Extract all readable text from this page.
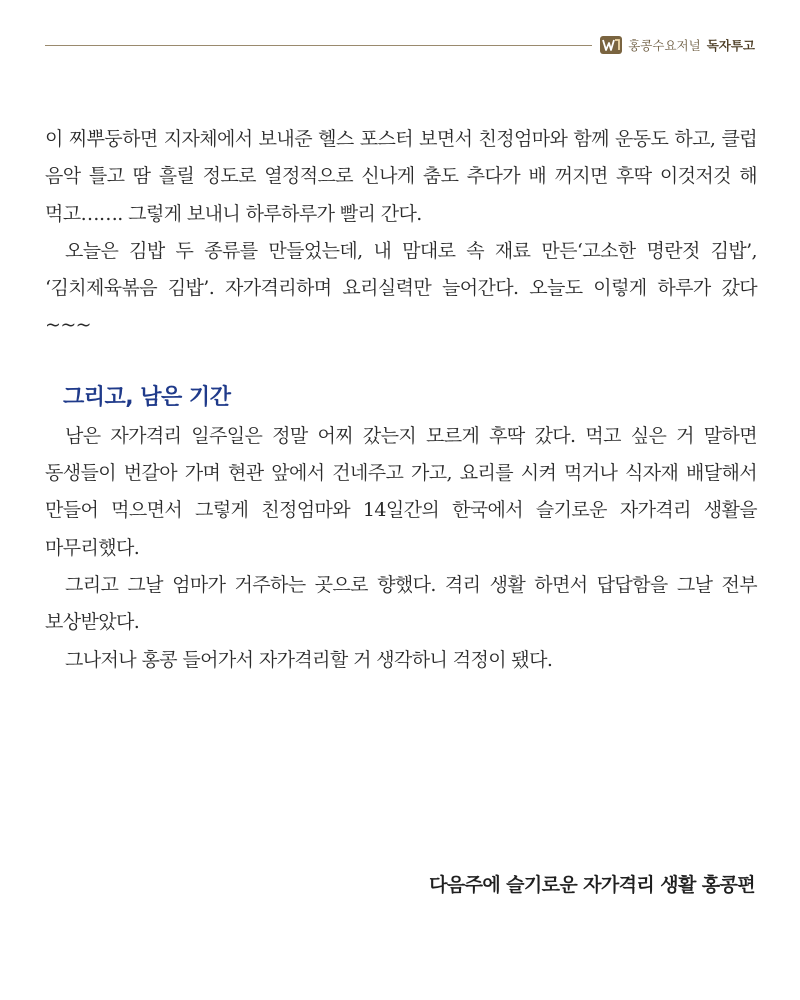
홍콩수요저널 독자투고

이 찌뿌둥하면 지자체에서 보내준 헬스 포스터 보면서 친정엄마와 함께 운동도 하고, 클럽 음악 틀고 땀 흘릴 정도로 열정적으로 신나게 춤도 추다가 배 꺼지면 후딱 이것저것 해 먹고……. 그렇게 보내니 하루하루가 빨리 간다.

오늘은 김밥 두 종류를 만들었는데, 내 맘대로 속 재료 만든‘고소한 명란젓 김밥’, ‘김치제육볶음 김밥’. 자가격리하며 요리실력만 늘어간다. 오늘도 이렇게 하루가 갔다~~~

그리고, 남은 기간

남은 자가격리 일주일은 정말 어찌 갔는지 모르게 후딱 갔다. 먹고 싶은 거 말하면 동생들이 번갈아 가며 현관 앞에서 건네주고 가고, 요리를 시켜 먹거나 식자재 배달해서 만들어 먹으면서 그렇게 친정엄마와 14일간의 한국에서 슬기로운 자가격리 생활을 마무리했다.

그리고 그날 엄마가 거주하는 곳으로 향했다. 격리 생활 하면서 답답함을 그날 전부 보상받았다.

그나저나 홍콩 들어가서 자가격리할 거 생각하니 걱정이 됐다.

다음주에 슬기로운 자가격리 생활 홍콩편
